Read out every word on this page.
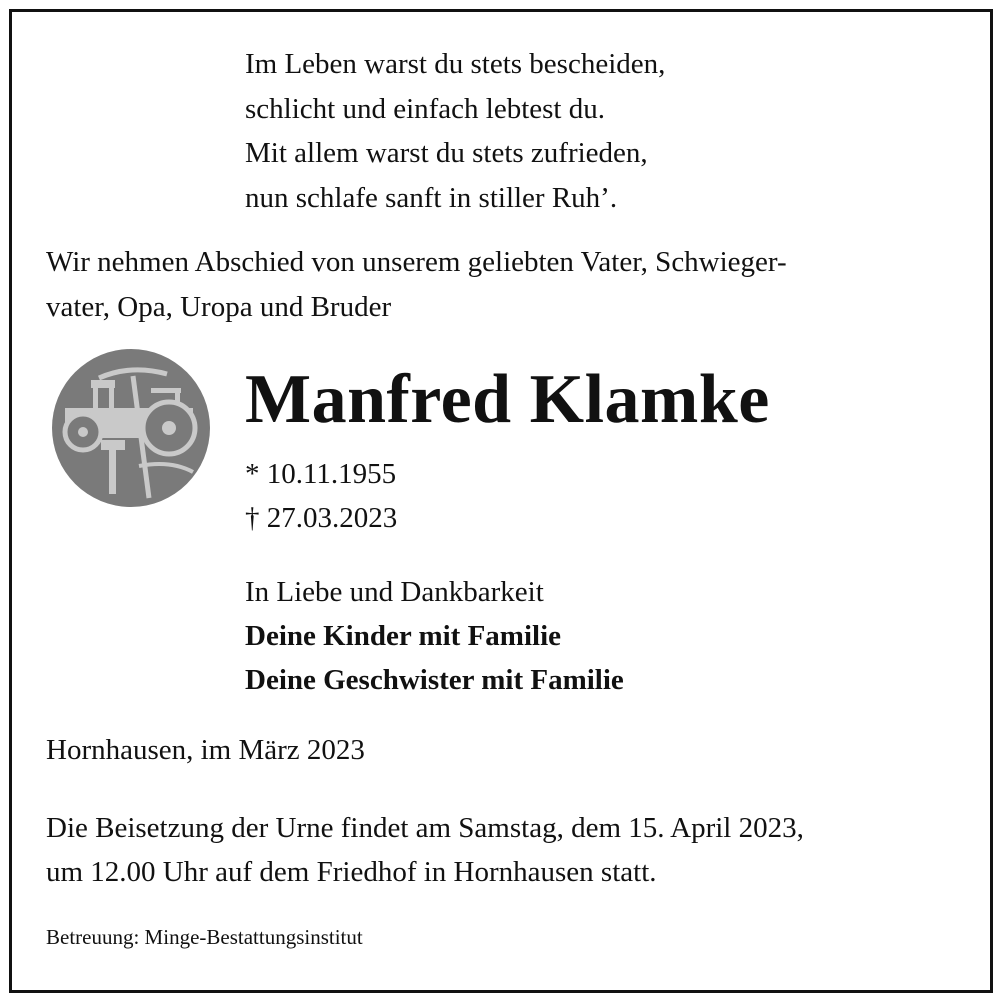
Im Leben warst du stets bescheiden,
schlicht und einfach lebtest du.
Mit allem warst du stets zufrieden,
nun schlafe sanft in stiller Ruh’.
Wir nehmen Abschied von unserem geliebten Vater, Schwieger-
vater, Opa, Uropa und Bruder
Manfred Klamke
* 10.11.1955
† 27.03.2023
In Liebe und Dankbarkeit
Deine Kinder mit Familie
Deine Geschwister mit Familie
Hornhausen, im März 2023
Die Beisetzung der Urne findet am Samstag, dem 15. April 2023,
um 12.00 Uhr auf dem Friedhof in Hornhausen statt.
Betreuung: Minge-Bestattungsinstitut
